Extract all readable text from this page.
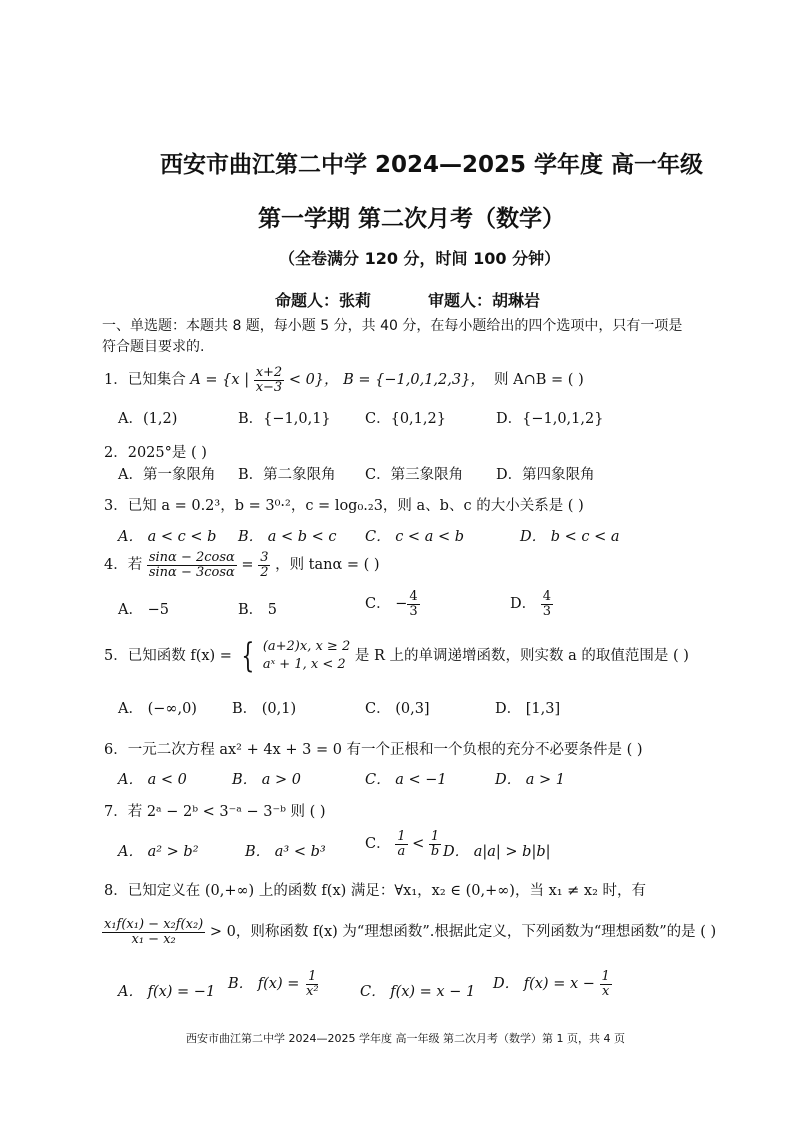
西安市曲江第二中学 2024—2025 学年度 高一年级
第一学期 第二次月考（数学）
（全卷满分 120 分，时间 100 分钟）
命题人：张莉	审题人：胡琳岩
一、单选题：本题共 8 题，每小题 5 分，共 40 分，在每小题给出的四个选项中，只有一项是
符合题目要求的.
1．已知集合 A = {x | $\frac{x+2}{x-3} < 0$}， B = {−1,0,1,2,3}， 则 A∩B = ( )
A．(1,2)	B．{−1,0,1} C．{0,1,2}	D．{−1,0,1,2}
2．2025°是 ( )
A．第一象限角 B．第二象限角 C．第三象限角 D．第四象限角
3．已知 a = 0.2³，b = 3⁰·²，c = log₀.₂3，则 a、b、c 的大小关系是 ( )
A． a < c < b B． a < b < c C． c < a < b	D． b < c < a
4．若 $\frac{\sin\alpha - 2\cos\alpha}{\sin\alpha - 3\cos\alpha} = \frac{3}{2}$ ，则 tanα = ( )
A． −5	B． 5	C． − $\frac{4}{3}$	D． $\frac{4}{3}$
5．已知函数 f(x) = { (a+2)x, x ≥ 2
aˣ + 1, x < 2
是 R 上的单调递增函数，则实数 a 的取值范围是 ( )
A． (−∞,0) B． (0,1)	C． (0,3]	D． [1,3]
6．一元二次方程 ax² + 4x + 3 = 0 有一个正根和一个负根的充分不必要条件是 ( )
A． a < 0	B． a > 0	C． a < −1	D． a > 1
7．若 2ᵃ − 2ᵇ < 3⁻ᵃ − 3⁻ᵇ 则 ( )
A． a² > b²	B． a³ < b³	C． $\frac{1}{a} < \frac{1}{b}$ D． a|a| > b|b|
8．已知定义在 (0,+∞) 上的函数 f(x) 满足：∀x₁，x₂ ∈ (0,+∞)，当 x₁ ≠ x₂ 时，有
$\frac{\text{x₁f(x₁) − x₂f(x₂)}}{\text{x₁ − x₂}} > 0$，则称函数 f(x) 为“理想函数”.根据此定义，下列函数为“理想函数”的是 ( )
A． f(x) = −1 B． $f(x) = \frac{1}{\text{x²}}$	C． f(x) = x − 1 D． $f(x) = x - \frac{1}{x}$
西安市曲江第二中学 2024—2025 学年度 高一年级 第二次月考（数学）第 1 页，共 4 页
